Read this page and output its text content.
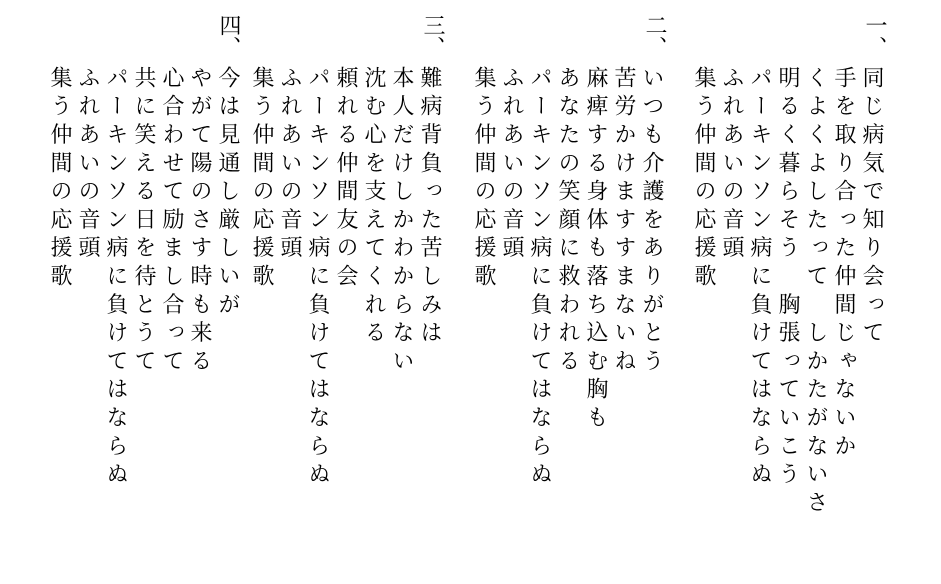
一、
同じ病気で知り会って
手を取り合った仲間じゃないか
くよくよしたって　しかたがないさ
明るく暮らそう　胸張っていこう
パーキンソン病に負けてはならぬ
ふれあいの音頭
集う仲間の応援歌
二、
いつも介護をありがとう
苦労かけますすまないね
麻痺する身体も落ち込む胸も
あなたの笑顔に救われる
パーキンソン病に負けてはならぬ
ふれあいの音頭
集う仲間の応援歌
三、
難病背負った苦しみは
本人だけしかわからない
沈む心を支えてくれる
頼れる仲間友の会
パーキンソン病に負けてはならぬ
ふれあいの音頭
集う仲間の応援歌
四、
今は見通し厳しいが
やがて陽のさす時も来る
心合わせて励まし合って
共に笑える日を待とうて
パーキンソン病に負けてはならぬ
ふれあいの音頭
集う仲間の応援歌
